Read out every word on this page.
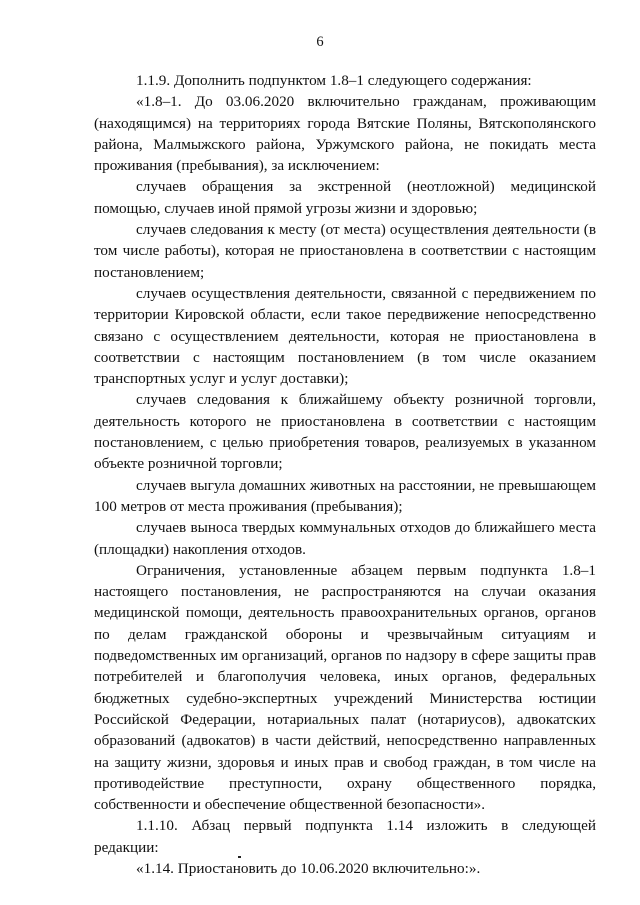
6

1.1.9. Дополнить подпунктом 1.8–1 следующего содержания:

«1.8–1. До 03.06.2020 включительно гражданам, проживающим (находящимся) на территориях города Вятские Поляны, Вятскополянского района, Малмыжского района, Уржумского района, не покидать места проживания (пребывания), за исключением:

случаев обращения за экстренной (неотложной) медицинской помощью, случаев иной прямой угрозы жизни и здоровью;

случаев следования к месту (от места) осуществления деятельности (в том числе работы), которая не приостановлена в соответствии с настоящим постановлением;

случаев осуществления деятельности, связанной с передвижением по территории Кировской области, если такое передвижение непосредственно связано с осуществлением деятельности, которая не приостановлена в соответствии с настоящим постановлением (в том числе оказанием транспортных услуг и услуг доставки);

случаев следования к ближайшему объекту розничной торговли, деятельность которого не приостановлена в соответствии с настоящим постановлением, с целью приобретения товаров, реализуемых в указанном объекте розничной торговли;

случаев выгула домашних животных на расстоянии, не превышающем 100 метров от места проживания (пребывания);

случаев выноса твердых коммунальных отходов до ближайшего места (площадки) накопления отходов.

Ограничения, установленные абзацем первым подпункта 1.8–1 настоящего постановления, не распространяются на случаи оказания медицинской помощи, деятельность правоохранительных органов, органов по делам гражданской обороны и чрезвычайным ситуациям и подведомственных им организаций, органов по надзору в сфере защиты прав потребителей и благополучия человека, иных органов, федеральных бюджетных судебно-экспертных учреждений Министерства юстиции Российской Федерации, нотариальных палат (нотариусов), адвокатских образований (адвокатов) в части действий, непосредственно направленных на защиту жизни, здоровья и иных прав и свобод граждан, в том числе на противодействие преступности, охрану общественного порядка, собственности и обеспечение общественной безопасности».

1.1.10. Абзац первый подпункта 1.14 изложить в следующей редакции:

«1.14. Приостановить до 10.06.2020 включительно:».
